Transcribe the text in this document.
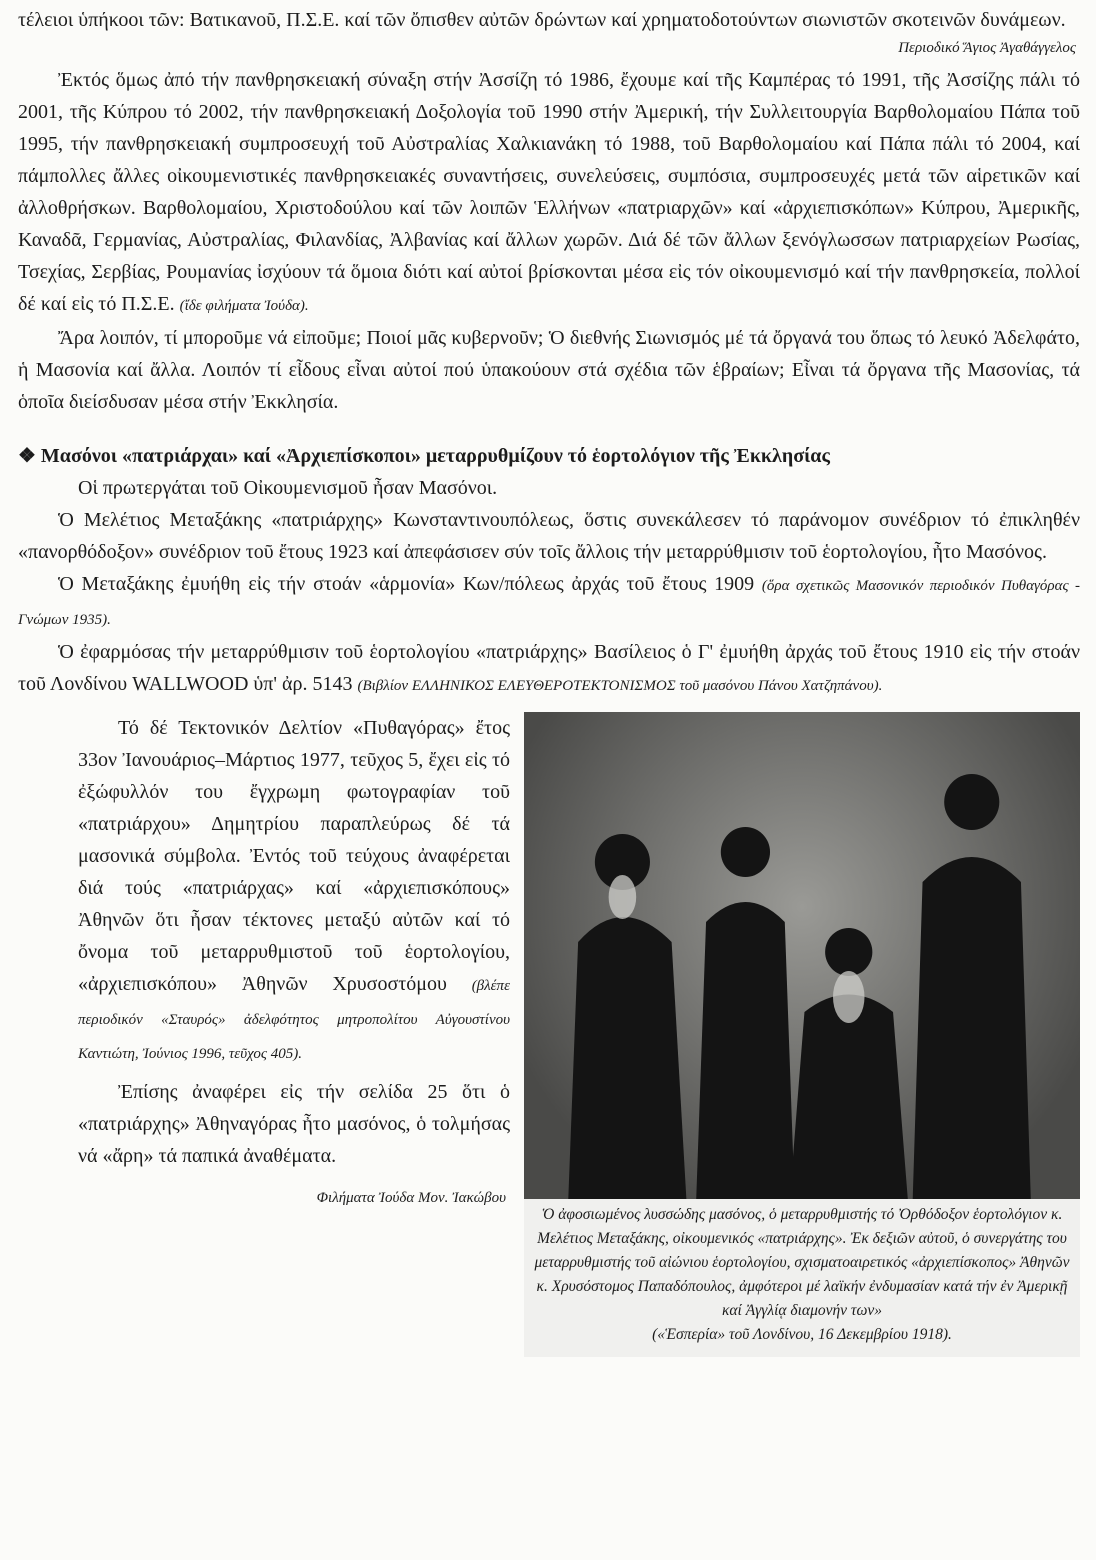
τέλειοι ὑπήκοοι τῶν: Βατικανοῦ, Π.Σ.Ε. καί τῶν ὄπισθεν αὐτῶν δρώντων καί χρηματοδοτούντων σιωνιστῶν σκοτεινῶν δυνάμεων.

Περιοδικό Ἅγιος Ἀγαθάγγελος

Ἐκτός ὅμως ἀπό τήν πανθρησκειακή σύναξη στήν Ἀσσίζη τό 1986, ἔχουμε καί τῆς Καμπέρας τό 1991, τῆς Ἀσσίζης πάλι τό 2001, τῆς Κύπρου τό 2002, τήν πανθρησκειακή Δοξολογία τοῦ 1990 στήν Ἀμερική, τήν Συλλειτουργία Βαρθολομαίου Πάπα τοῦ 1995, τήν πανθρησκειακή συμπροσευχή τοῦ Αὐστραλίας Χαλκιανάκη τό 1988, τοῦ Βαρθολομαίου καί Πάπα πάλι τό 2004, καί πάμπολλες ἄλλες οἰκουμενιστικές πανθρησκειακές συναντήσεις, συνελεύσεις, συμπόσια, συμπροσευχές μετά τῶν αἱρετικῶν καί ἀλλοθρήσκων. Βαρθολομαίου, Χριστοδούλου καί τῶν λοιπῶν Ἑλλήνων «πατριαρχῶν» καί «ἀρχιεπισκόπων» Κύπρου, Ἀμερικῆς, Καναδᾶ, Γερμανίας, Αὐστραλίας, Φιλανδίας, Ἀλβανίας καί ἄλλων χωρῶν. Διά δέ τῶν ἄλλων ξενόγλωσσων πατριαρχείων Ρωσίας, Τσεχίας, Σερβίας, Ρουμανίας ἰσχύουν τά ὅμοια διότι καί αὐτοί βρίσκονται μέσα εἰς τόν οἰκουμενισμό καί τήν πανθρησκεία, πολλοί δέ καί εἰς τό Π.Σ.Ε. (ἴδε φιλήματα Ἰούδα).

Ἄρα λοιπόν, τί μποροῦμε νά εἰποῦμε; Ποιοί μᾶς κυβερνοῦν; Ὁ διεθνής Σιωνισμός μέ τά ὄργανά του ὅπως τό λευκό Ἀδελφάτο, ἡ Μασονία καί ἄλλα. Λοιπόν τί εἶδους εἶναι αὐτοί πού ὑπακούουν στά σχέδια τῶν ἑβραίων; Εἶναι τά ὄργανα τῆς Μασονίας, τά ὁποῖα διείσδυσαν μέσα στήν Ἐκκλησία.

❖ Μασόνοι «πατριάρχαι» καί «Ἀρχιεπίσκοποι» μεταρρυθμίζουν τό ἑορτολόγιον τῆς Ἐκκλησίας

Οἱ πρωτεργάται τοῦ Οἰκουμενισμοῦ ἦσαν Μασόνοι.

Ὁ Μελέτιος Μεταξάκης «πατριάρχης» Κωνσταντινουπόλεως, ὅστις συνεκάλεσεν τό παράνομον συνέδριον τό ἐπικληθέν «πανορθόδοξον» συνέδριον τοῦ ἔτους 1923 καί ἀπεφάσισεν σύν τοῖς ἄλλοις τήν μεταρρύθμισιν τοῦ ἑορτολογίου, ἦτο Μασόνος.

Ὁ Μεταξάκης ἐμυήθη εἰς τήν στοάν «ἁρμονία» Κων/πόλεως ἀρχάς τοῦ ἔτους 1909 (ὅρα σχετικῶς Μασονικόν περιοδικόν Πυθαγόρας - Γνώμων 1935).

Ὁ ἐφαρμόσας τήν μεταρρύθμισιν τοῦ ἑορτολογίου «πατριάρχης» Βασίλειος ὁ Γ' ἐμυήθη ἀρχάς τοῦ ἔτους 1910 εἰς τήν στοάν τοῦ Λονδίνου WALLWOOD ὑπ' ἀρ. 5143 (Βιβλίον ΕΛΛΗΝΙΚΟΣ ΕΛΕΥΘΕΡΟΤΕΚΤΟΝΙΣΜΟΣ τοῦ μασόνου Πάνου Χατζηπάνου).

Τό δέ Τεκτονικόν Δελτίον «Πυθαγόρας» ἔτος 33ον Ἰανουάριος–Μάρτιος 1977, τεῦχος 5, ἔχει εἰς τό ἐξώφυλλόν του ἔγχρωμη φωτογραφίαν τοῦ «πατριάρχου» Δημητρίου παραπλεύρως δέ τά μασονικά σύμβολα. Ἐντός τοῦ τεύχους ἀναφέρεται διά τούς «πατριάρχας» καί «ἀρχιεπισκόπους» Ἀθηνῶν ὅτι ἦσαν τέκτονες μεταξύ αὐτῶν καί τό ὄνομα τοῦ μεταρρυθμιστοῦ τοῦ ἑορτολογίου, «ἀρχιεπισκόπου» Ἀθηνῶν Χρυσοστόμου (βλέπε περιοδικόν «Σταυρός» ἀδελφότητος μητροπολίτου Αὐγουστίνου Καντιώτη, Ἰούνιος 1996, τεῦχος 405).

Ἐπίσης ἀναφέρει εἰς τήν σελίδα 25 ὅτι ὁ «πατριάρχης» Ἀθηναγόρας ἦτο μασόνος, ὁ τολμήσας νά «ἄρη» τά παπικά ἀναθέματα.

Φιλήματα Ἰούδα Μον. Ἰακώβου
Ὁ ἀφοσιωμένος λυσσώδης μασόνος, ὁ μεταρρυθμιστής τό Ὀρθόδοξον ἑορτολόγιον κ. Μελέτιος Μεταξάκης, οἰκουμενικός «πατριάρχης». Ἐκ δεξιῶν αὐτοῦ, ὁ συνεργάτης του μεταρρυθμιστής τοῦ αἰώνιου ἑορτολογίου, σχισματοαιρετικός «ἀρχιεπίσκοπος» Ἀθηνῶν κ. Χρυσόστομος Παπαδόπουλος, ἀμφότεροι μέ λαϊκήν ἐνδυμασίαν κατά τήν ἐν Ἀμερικῇ καί Ἀγγλίᾳ διαμονήν των»
(«Ἑσπερία» τοῦ Λονδίνου, 16 Δεκεμβρίου 1918).
